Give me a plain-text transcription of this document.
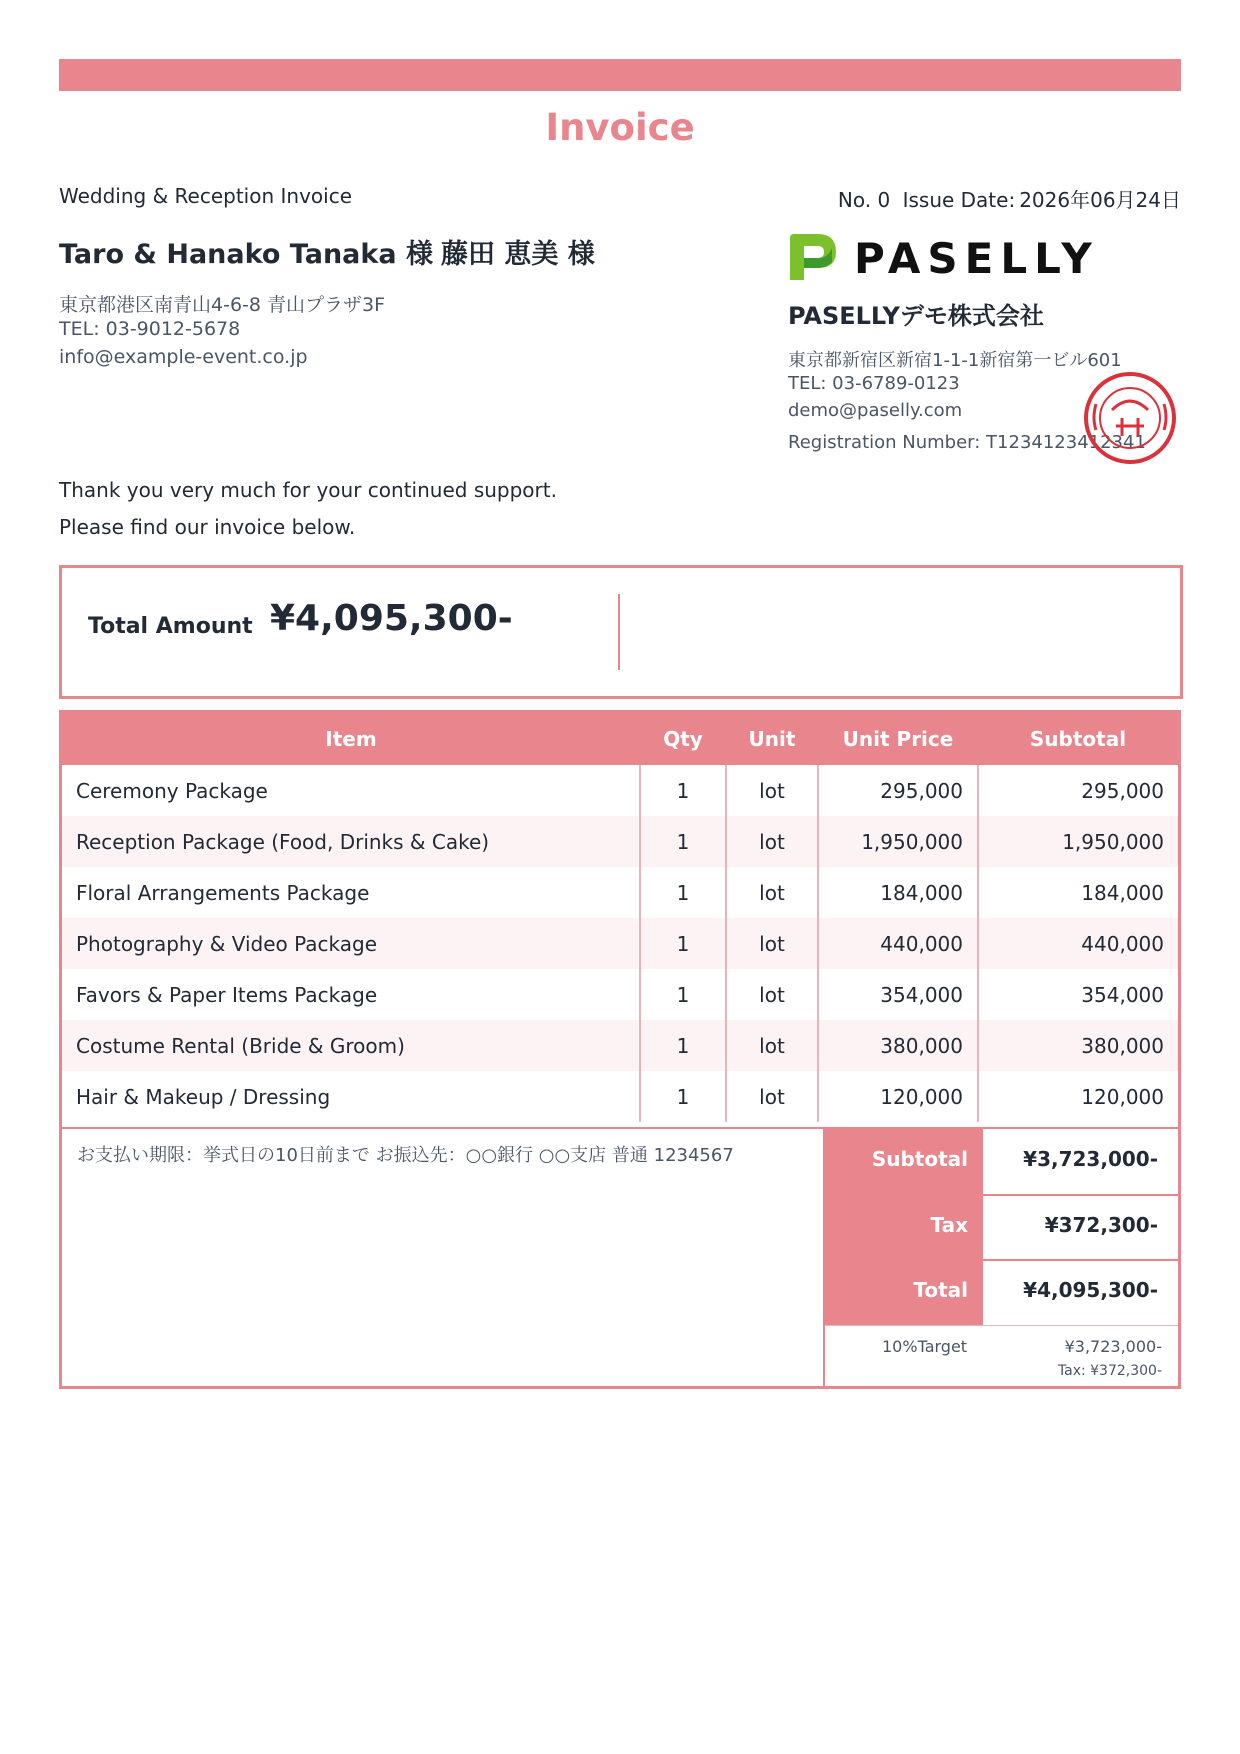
Invoice
Wedding & Reception Invoice	No. 0 Issue Date: 2026年06月24日
Taro & Hanako Tanaka 様 藤田 恵美 様
東京都港区南青山4-6-8 青山プラザ3F
TEL: 03-9012-5678
info@example-event.co.jp
PASELLY
PASELLYデモ株式会社
東京都新宿区新宿1-1-1新宿第一ビル601
TEL: 03-6789-0123
demo@paselly.com
Registration Number: T1234123412341
Thank you very much for your continued support.
Please find our invoice below.
Total Amount ¥4,095,300-
Item	Qty	Unit	Unit Price	Subtotal
Ceremony Package	1	lot	295,000	295,000
Reception Package (Food, Drinks & Cake)	1	lot	1,950,000	1,950,000
Floral Arrangements Package	1	lot	184,000	184,000
Photography & Video Package	1	lot	440,000	440,000
Favors & Paper Items Package	1	lot	354,000	354,000
Costume Rental (Bride & Groom)	1	lot	380,000	380,000
Hair & Makeup / Dressing	1	lot	120,000	120,000
お支払い期限：挙式日の10日前まで お振込先：○○銀行 ○○支店 普通 1234567	Subtotal	¥3,723,000-
Tax	¥372,300-
Total	¥4,095,300-
10%Target	¥3,723,000-
Tax: ¥372,300-
